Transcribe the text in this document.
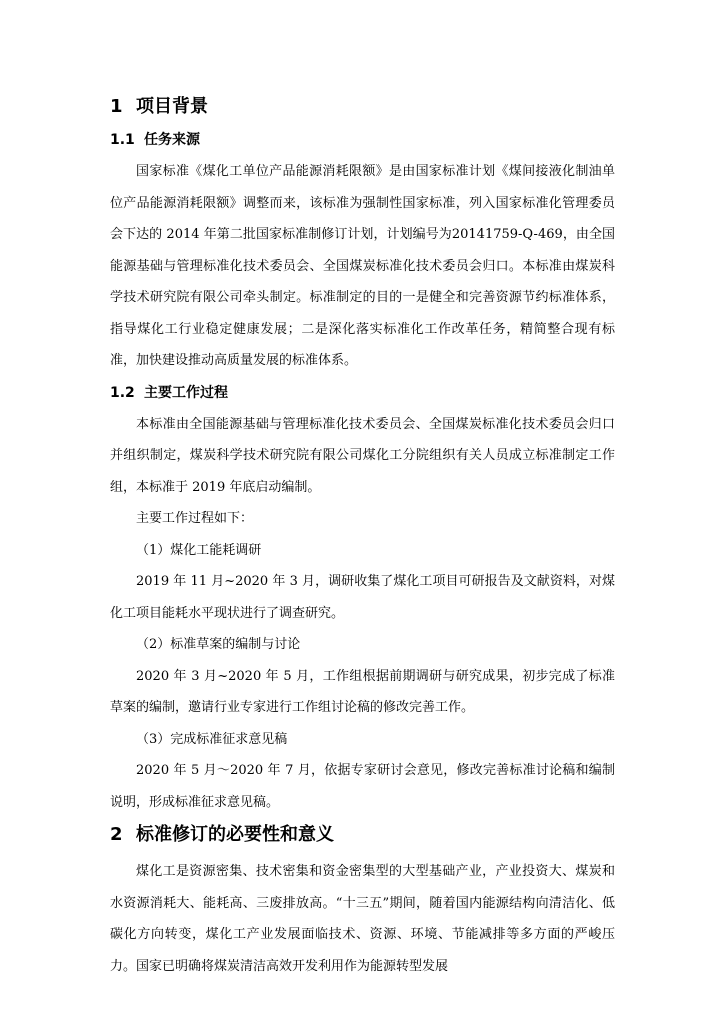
1 项目背景
1.1 任务来源

国家标准《煤化工单位产品能源消耗限额》是由国家标准计划《煤间接液化制油单位产品能源消耗限额》调整而来，该标准为强制性国家标准，列入国家标准化管理委员会下达的 2014 年第二批国家标准制修订计划，计划编号为20141759-Q-469，由全国能源基础与管理标准化技术委员会、全国煤炭标准化技术委员会归口。本标准由煤炭科学技术研究院有限公司牵头制定。标准制定的目的一是健全和完善资源节约标准体系，指导煤化工行业稳定健康发展；二是深化落实标准化工作改革任务，精简整合现有标准，加快建设推动高质量发展的标准体系。

1.2 主要工作过程

本标准由全国能源基础与管理标准化技术委员会、全国煤炭标准化技术委员会归口并组织制定，煤炭科学技术研究院有限公司煤化工分院组织有关人员成立标准制定工作组，本标准于 2019 年底启动编制。

主要工作过程如下：

（1）煤化工能耗调研

2019 年 11 月~2020 年 3 月，调研收集了煤化工项目可研报告及文献资料，对煤化工项目能耗水平现状进行了调查研究。

（2）标准草案的编制与讨论

2020 年 3 月~2020 年 5 月，工作组根据前期调研与研究成果，初步完成了标准草案的编制，邀请行业专家进行工作组讨论稿的修改完善工作。

（3）完成标准征求意见稿

2020 年 5 月～2020 年 7 月，依据专家研讨会意见，修改完善标准讨论稿和编制说明，形成标准征求意见稿。

2 标准修订的必要性和意义

煤化工是资源密集、技术密集和资金密集型的大型基础产业，产业投资大、煤炭和水资源消耗大、能耗高、三废排放高。“十三五”期间，随着国内能源结构向清洁化、低碳化方向转变，煤化工产业发展面临技术、资源、环境、节能减排等多方面的严峻压力。国家已明确将煤炭清洁高效开发利用作为能源转型发展
